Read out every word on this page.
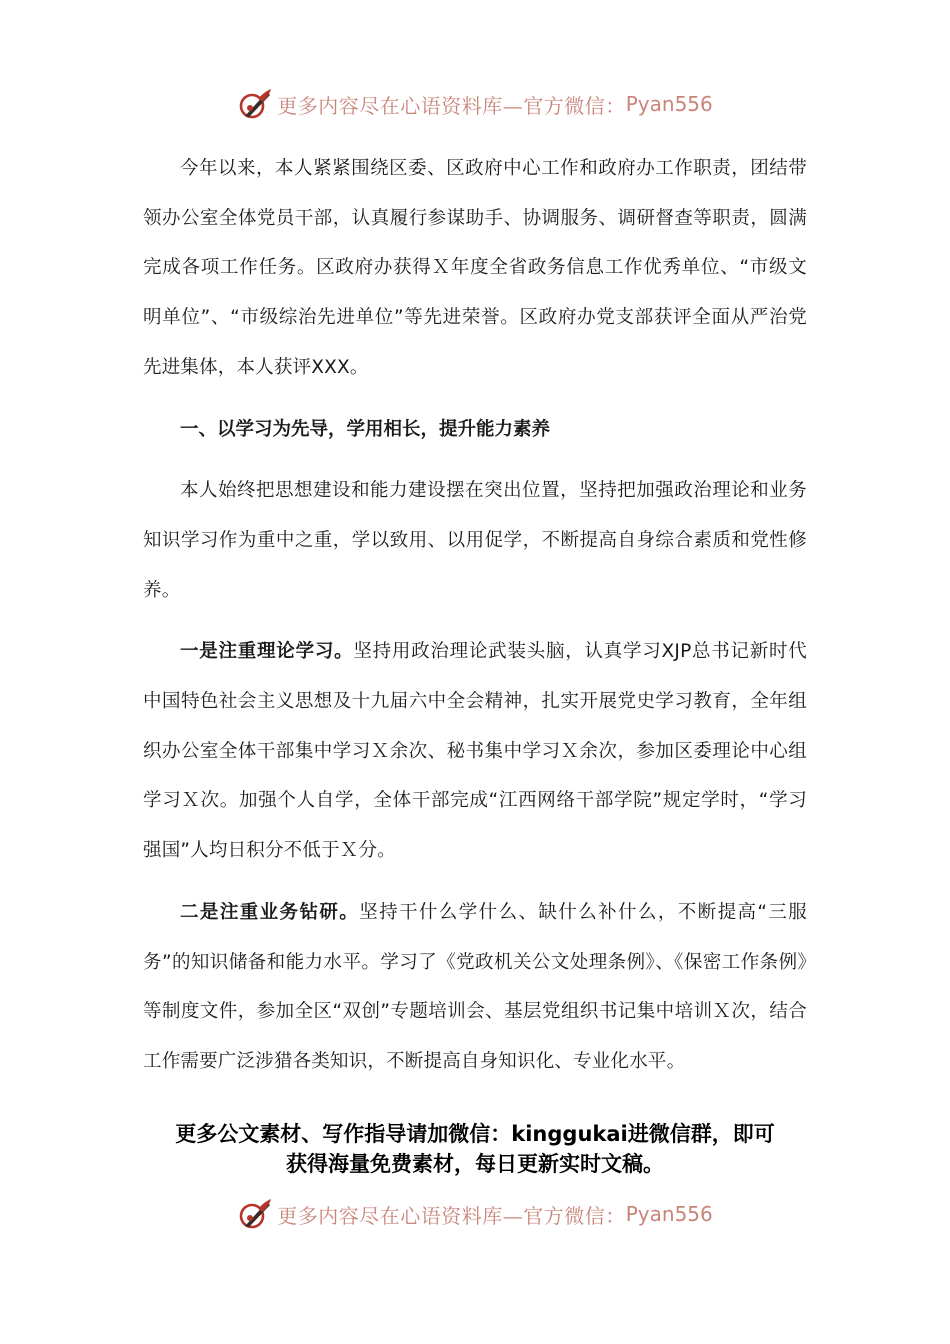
更多内容尽在心语资料库—官方微信： Pyan556

今年以来，本人紧紧围绕区委、区政府中心工作和政府办工作职责，团结带领办公室全体党员干部，认真履行参谋助手、协调服务、调研督查等职责，圆满完成各项工作任务。区政府办获得Ｘ年度全省政务信息工作优秀单位、“市级文明单位”、“市级综治先进单位”等先进荣誉。区政府办党支部获评全面从严治党先进集体，本人获评XXX。

一、以学习为先导，学用相长，提升能力素养

本人始终把思想建设和能力建设摆在突出位置，坚持把加强政治理论和业务知识学习作为重中之重，学以致用、以用促学，不断提高自身综合素质和党性修养。

一是注重理论学习。坚持用政治理论武装头脑，认真学习XJP总书记新时代中国特色社会主义思想及十九届六中全会精神，扎实开展党史学习教育，全年组织办公室全体干部集中学习Ｘ余次、秘书集中学习Ｘ余次，参加区委理论中心组学习Ｘ次。加强个人自学，全体干部完成“江西网络干部学院”规定学时，“学习强国”人均日积分不低于Ｘ分。

二是注重业务钻研。坚持干什么学什么、缺什么补什么，不断提高“三服务”的知识储备和能力水平。学习了《党政机关公文处理条例》、《保密工作条例》等制度文件，参加全区“双创”专题培训会、基层党组织书记集中培训Ｘ次，结合工作需要广泛涉猎各类知识，不断提高自身知识化、专业化水平。

更多公文素材、写作指导请加微信：kinggukai进微信群，即可
获得海量免费素材，每日更新实时文稿。
更多内容尽在心语资料库—官方微信： Pyan556
